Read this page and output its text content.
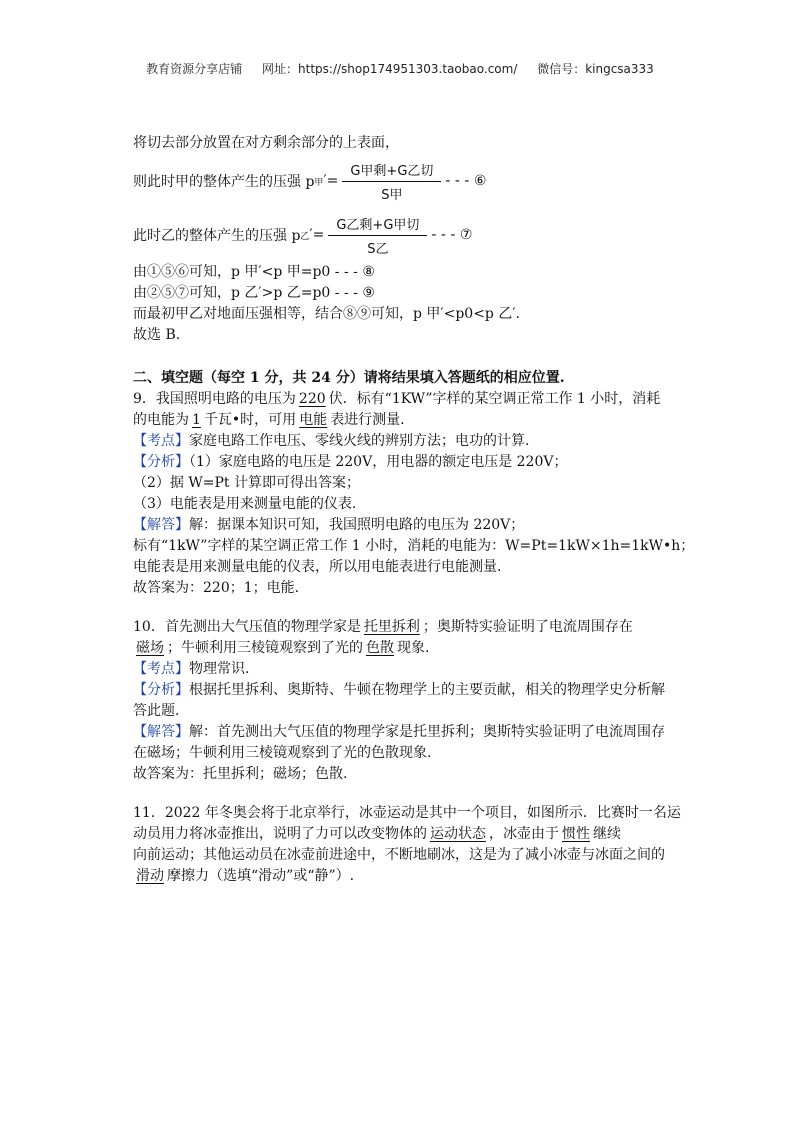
教育资源分享店铺 网址：https://shop174951303.taobao.com/ 微信号：kingcsa333
将切去部分放置在对方剩余部分的上表面，
则此时甲的整体产生的压强 p 甲 ′= $\frac{\text{G甲剩+G乙切}}{\text{S甲}}$ - - - ⑥
此时乙的整体产生的压强 p 乙 ′= $\frac{\text{G乙剩+G甲切}}{\text{S乙}}$ - - - ⑦
由①⑤⑥可知，p 甲′<p 甲=p0 - - - ⑧
由②⑤⑦可知，p 乙′>p 乙=p0 - - - ⑨
而最初甲乙对地面压强相等，结合⑧⑨可知，p 甲′<p0<p 乙′.
故选 B.
二、填空题（每空 1 分，共 24 分）请将结果填入答题纸的相应位置.
9．我国照明电路的电压为 220 伏．标有“1KW”字样的某空调正常工作 1 小时，消耗
的电能为 1 千瓦•时，可用 电能 表进行测量.
【考点】家庭电路工作电压、零线火线的辨别方法；电功的计算.
【分析】（1）家庭电路的电压是 220V，用电器的额定电压是 220V；
（2）据 W=Pt 计算即可得出答案；
（3）电能表是用来测量电能的仪表.
【解答】解：据课本知识可知，我国照明电路的电压为 220V；
标有“1kW”字样的某空调正常工作 1 小时，消耗的电能为：W=Pt=1kW×1h=1kW•h；
电能表是用来测量电能的仪表，所以用电能表进行电能测量.
故答案为：220；1；电能.
10．首先测出大气压值的物理学家是 托里拆利 ；奥斯特实验证明了电流周围存在
磁场 ；牛顿利用三棱镜观察到了光的 色散 现象.
【考点】物理常识.
【分析】根据托里拆利、奥斯特、牛顿在物理学上的主要贡献，相关的物理学史分析解
答此题.
【解答】解：首先测出大气压值的物理学家是托里拆利；奥斯特实验证明了电流周围存
在磁场；牛顿利用三棱镜观察到了光的色散现象.
故答案为：托里拆利；磁场；色散.
11．2022 年冬奥会将于北京举行，冰壶运动是其中一个项目，如图所示．比赛时一名运
动员用力将冰壶推出，说明了力可以改变物体的 运动状态 ，冰壶由于 惯性 继续
向前运动；其他运动员在冰壶前进途中，不断地刷冰，这是为了减小冰壶与冰面之间的
滑动 摩擦力（选填“滑动”或“静”）.
